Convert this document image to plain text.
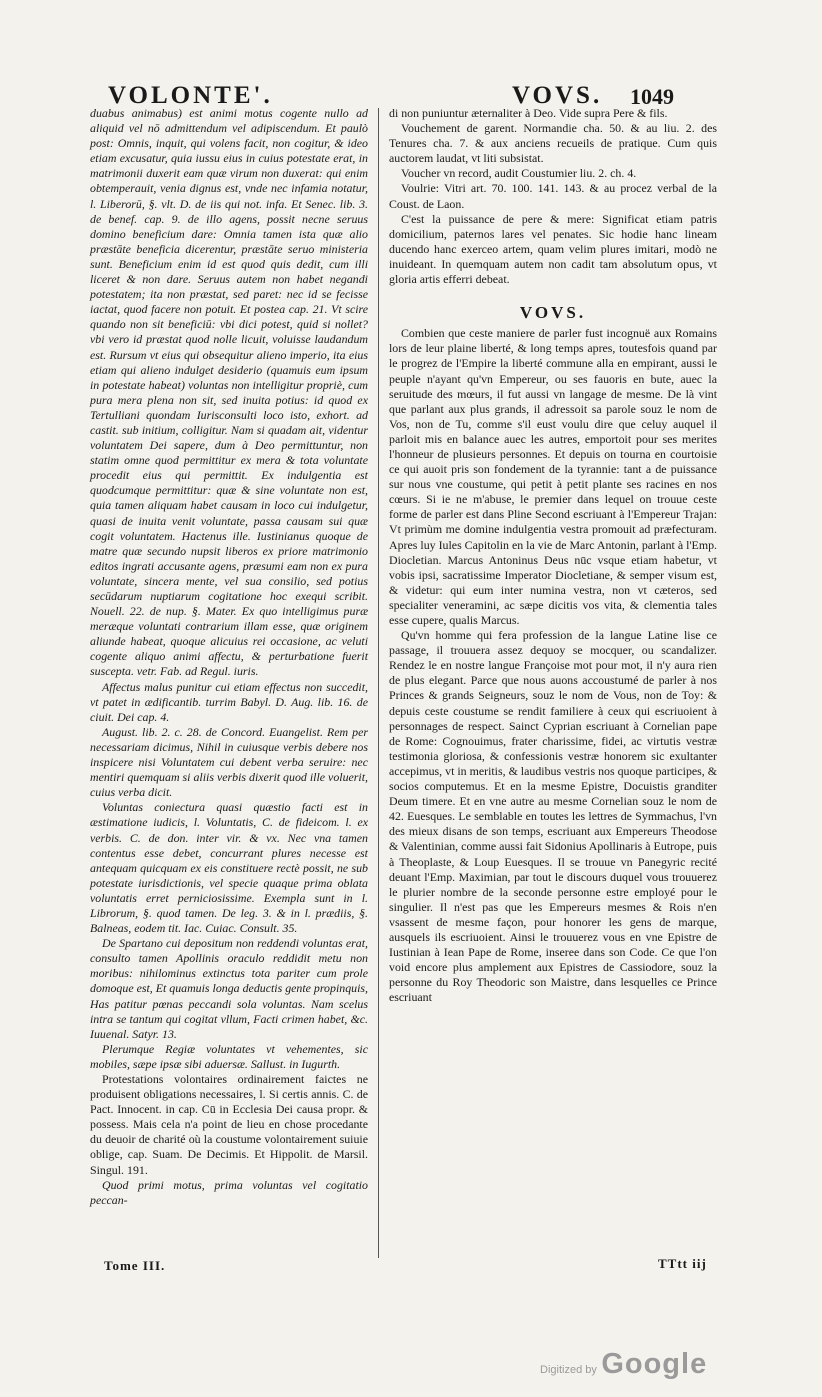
VOLONTE'.	VOVS. 1049

duabus animabus) est animi motus cogente nullo ad aliquid vel nō admittendum vel adipiscendum. Et paulò post: Omnis, inquit, qui volens facit, non cogitur, & ideo etiam excusatur, quia iussu eius in cuius potestate erat, in matrimonii duxerit eam quæ virum non duxerat: qui enim obtemperauit, venia dignus est, vnde nec infamia notatur, l. Liberorū, §. vlt. D. de iis qui not. infa. Et Senec. lib. 3. de benef. cap. 9. de illo agens, possit necne seruus domino beneficium dare: Omnia tamen ista quæ alio præstāte beneficia dicerentur, præstāte seruo ministeria sunt. Beneficium enim id est quod quis dedit, cum illi liceret & non dare. Seruus autem non habet negandi potestatem; ita non præstat, sed paret: nec id se fecisse iactat, quod facere non potuit. Et postea cap. 21. Vt scire quando non sit beneficiū: vbi dici potest, quid si nollet? vbi vero id præstat quod nolle licuit, voluisse laudandum est. Rursum vt eius qui obsequitur alieno imperio, ita eius etiam qui alieno indulget desiderio (quamuis eum ipsum in potestate habeat) voluntas non intelligitur propriè, cum pura mera plena non sit, sed inuita potius: id quod ex Tertulliani quondam Iurisconsulti loco isto, exhort. ad castit. sub initium, colligitur. Nam si quadam ait, videntur voluntatem Dei sapere, dum à Deo permittuntur, non statim omne quod permittitur ex mera & tota voluntate procedit eius qui permittit. Ex indulgentia est quodcumque permittitur: quæ & sine voluntate non est, quia tamen aliquam habet causam in loco cui indulgetur, quasi de inuita venit voluntate, passa causam sui quæ cogit voluntatem. Hactenus ille. Iustinianus quoque de matre quæ secundo nupsit liberos ex priore matrimonio editos ingrati accusante agens, præsumi eam non ex pura voluntate, sincera mente, vel sua consilio, sed potius secūdarum nuptiarum cogitatione hoc exequi scribit. Nouell. 22. de nup. §. Mater. Ex quo intelligimus puræ meræque voluntati contrarium illam esse, quæ originem aliunde habeat, quoque alicuius rei occasione, ac veluti cogente aliquo animi affectu, & perturbatione fuerit suscepta. vetr. Fab. ad Regul. iuris.

Affectus malus punitur cui etiam effectus non succedit, vt patet in ædificantib. turrim Babyl. D. Aug. lib. 16. de ciuit. Dei cap. 4.

August. lib. 2. c. 28. de Concord. Euangelist. Rem per necessariam dicimus, Nihil in cuiusque verbis debere nos inspicere nisi Voluntatem cui debent verba seruire: nec mentiri quemquam si aliis verbis dixerit quod ille voluerit, cuius verba dicit.

Voluntas coniectura quasi quæstio facti est in æstimatione iudicis, l. Voluntatis, C. de fideicom. l. ex verbis. C. de don. inter vir. & vx. Nec vna tamen contentus esse debet, concurrant plures necesse est antequam quicquam ex eis constituere rectè possit, ne sub potestate iurisdictionis, vel specie quaque prima oblata voluntatis erret perniciosissime. Exempla sunt in l. Librorum, §. quod tamen. De leg. 3. & in l. prædiis, §. Balneas, eodem tit. Iac. Cuiac. Consult. 35.

De Spartano cui depositum non reddendi voluntas erat, consulto tamen Apollinis oraculo reddidit metu non moribus: nihilominus extinctus tota pariter cum prole domoque est, Et quamuis longa deductis gente propinquis, Has patitur pœnas peccandi sola voluntas. Nam scelus intra se tantum qui cogitat vllum, Facti crimen habet, &c. Iuuenal. Satyr. 13.

Plerumque Regiæ voluntates vt vehementes, sic mobiles, sæpe ipsæ sibi aduersæ. Sallust. in Iugurth.

Protestations volontaires ordinairement faictes ne produisent obligations necessaires, l. Si certis annis. C. de Pact. Innocent. in cap. Cū in Ecclesia Dei causa propr. & possess. Mais cela n'a point de lieu en chose procedante du deuoir de charité où la coustume volontairement suiuie oblige, cap. Suam. De Decimis. Et Hippolit. de Marsil. Singul. 191.

Quod primi motus, prima voluntas vel cogitatio peccan-

di non puniuntur æternaliter à Deo. Vide supra Pere & fils.

Vouchement de garent. Normandie cha. 50. & au liu. 2. des Tenures cha. 7. & aux anciens recueils de pratique. Cum quis auctorem laudat, vt liti subsistat.

Voucher vn record, audit Coustumier liu. 2. ch. 4.

Voulrie: Vitri art. 70. 100. 141. 143. & au procez verbal de la Coust. de Laon.

C'est la puissance de pere & mere: Significat etiam patris domicilium, paternos lares vel penates. Sic hodie hanc lineam ducendo hanc exerceo artem, quam velim plures imitari, modò ne inuideant. In quemquam autem non cadit tam absolutum opus, vt gloria artis efferri debeat.

VOVS.

Combien que ceste maniere de parler fust incognuë aux Romains lors de leur plaine liberté, & long temps apres, toutesfois quand par le progrez de l'Empire la liberté commune alla en empirant, aussi le peuple n'ayant qu'vn Empereur, ou ses fauoris en bute, auec la seruitude des mœurs, il fut aussi vn langage de mesme. De là vint que parlant aux plus grands, il adressoit sa parole souz le nom de Vos, non de Tu, comme s'il eust voulu dire que celuy auquel il parloit mis en balance auec les autres, emportoit pour ses merites l'honneur de plusieurs personnes. Et depuis on tourna en courtoisie ce qui auoit pris son fondement de la tyrannie: tant a de puissance sur nous vne coustume, qui petit à petit plante ses racines en nos cœurs. Si ie ne m'abuse, le premier dans lequel on trouue ceste forme de parler est dans Pline Second escriuant à l'Empereur Trajan: Vt primùm me domine indulgentia vestra promouit ad præfecturam. Apres luy Iules Capitolin en la vie de Marc Antonin, parlant à l'Emp. Diocletian. Marcus Antoninus Deus nūc vsque etiam habetur, vt vobis ipsi, sacratissime Imperator Diocletiane, & semper visum est, & videtur: qui eum inter numina vestra, non vt cæteros, sed specialiter veneramini, ac sæpe dicitis vos vita, & clementia tales esse cupere, qualis Marcus.

Qu'vn homme qui fera profession de la langue Latine lise ce passage, il trouuera assez dequoy se mocquer, ou scandalizer. Rendez le en nostre langue Françoise mot pour mot, il n'y aura rien de plus elegant. Parce que nous auons accoustumé de parler à nos Princes & grands Seigneurs, souz le nom de Vous, non de Toy: & depuis ceste coustume se rendit familiere à ceux qui escriuoient à personnages de respect. Sainct Cyprian escriuant à Cornelian pape de Rome: Cognouimus, frater charissime, fidei, ac virtutis vestræ testimonia gloriosa, & confessionis vestræ honorem sic exultanter accepimus, vt in meritis, & laudibus vestris nos quoque participes, & socios computemus. Et en la mesme Epistre, Docuistis granditer Deum timere. Et en vne autre au mesme Cornelian souz le nom de 42. Euesques. Le semblable en toutes les lettres de Symmachus, l'vn des mieux disans de son temps, escriuant aux Empereurs Theodose & Valentinian, comme aussi fait Sidonius Apollinaris à Eutrope, puis à Theoplaste, & Loup Euesques. Il se trouue vn Panegyric recité deuant l'Emp. Maximian, par tout le discours duquel vous trouuerez le plurier nombre de la seconde personne estre employé pour le singulier. Il n'est pas que les Empereurs mesmes & Rois n'en vsassent de mesme façon, pour honorer les gens de marque, ausquels ils escriuoient. Ainsi le trouuerez vous en vne Epistre de Iustinian à Iean Pape de Rome, inseree dans son Code. Ce que l'on void encore plus amplement aux Epistres de Cassiodore, souz la personne du Roy Theodoric son Maistre, dans lesquelles ce Prince escriuant

Tome III.	TTtt iij
Digitized by Google
